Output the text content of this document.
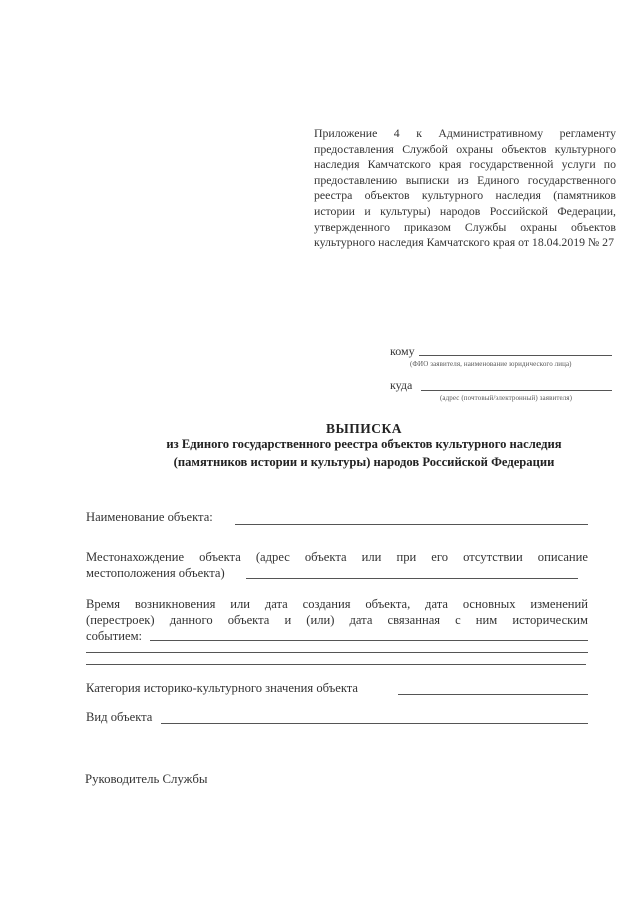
Приложение 4 к Административному регламенту предоставления Службой охраны объектов культурного наследия Камчатского края государственной услуги по предоставлению выписки из Единого государственного реестра объектов культурного наследия (памятников истории и культуры) народов Российской Федерации, утвержденного приказом Службы охраны объектов культурного наследия Камчатского края от 18.04.2019 № 27
кому
(ФИО заявителя, наименование юридического лица)
куда
(адрес (почтовый/электронный) заявителя)
ВЫПИСКА
из Единого государственного реестра объектов культурного наследия
(памятников истории и культуры) народов Российской Федерации
Наименование объекта:
Местонахождение объекта (адрес объекта или при его отсутствии описание
местоположения объекта)
Время возникновения или дата создания объекта, дата основных изменений
(перестроек) данного объекта и (или) дата связанная с ним историческим
событием:
Категория историко-культурного значения объекта
Вид объекта
Руководитель Службы
